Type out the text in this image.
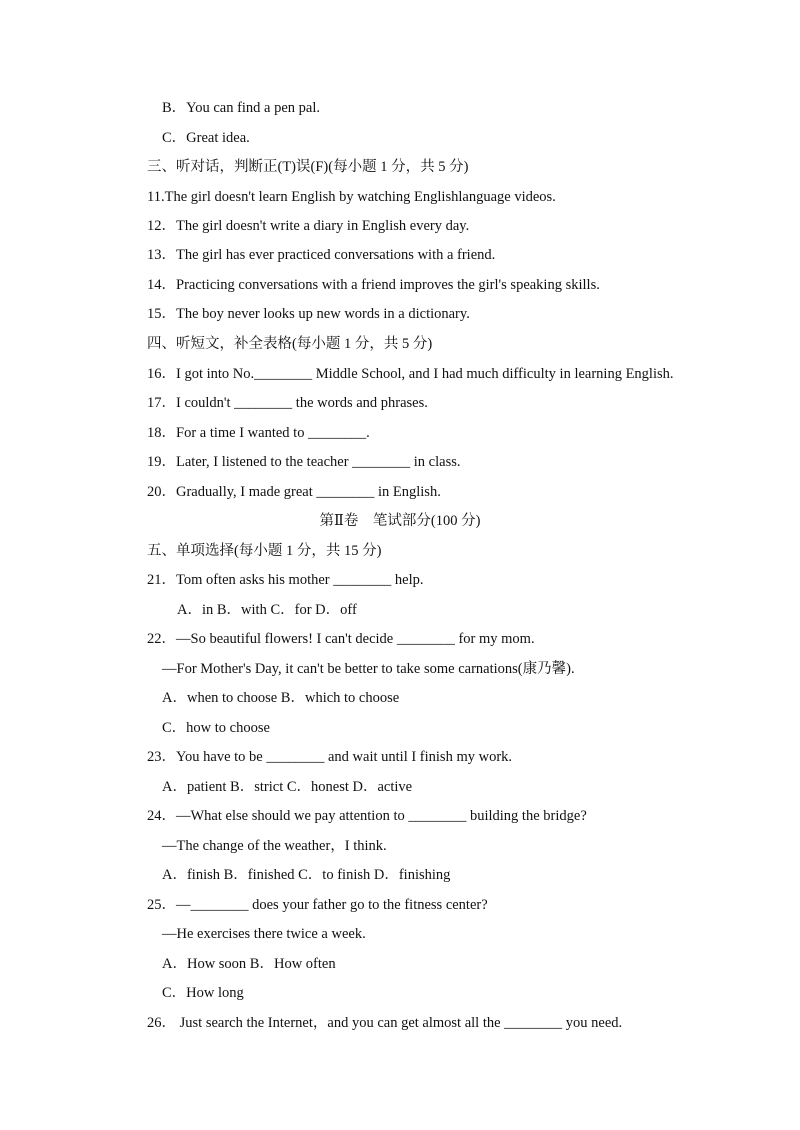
B．You can find a pen pal.
C．Great idea.
三、听对话，判断正(T)误(F)(每小题 1 分，共 5 分)
11.The girl doesn't learn English by watching Englishlanguage videos.
12．The girl doesn't write a diary in English every day.
13．The girl has ever practiced conversations with a friend.
14．Practicing conversations with a friend improves the girl's speaking skills.
15．The boy never looks up new words in a dictionary.
四、听短文，补全表格(每小题 1 分，共 5 分)
16．I got into No.________ Middle School, and I had much difficulty in learning English.
17．I couldn't ________ the words and phrases.
18．For a time I wanted to ________.
19．Later, I listened to the teacher ________ in class.
20．Gradually, I made great ________ in English.
第Ⅱ卷　笔试部分(100 分)
五、单项选择(每小题 1 分，共 15 分)
21．Tom often asks his mother ________ help.
A．in B．with C．for D．off
22．—So beautiful flowers! I can't decide ________ for my mom.
—For Mother's Day, it can't be better to take some carnations(康乃馨).
A．when to choose B．which to choose
C．how to choose
23．You have to be ________ and wait until I finish my work.
A．patient B．strict C．honest D．active
24．—What else should we pay attention to ________ building the bridge?
—The change of the weather，I think.
A．finish B．finished C．to finish D．finishing
25．—________ does your father go to the fitness center?
—He exercises there twice a week.
A．How soon B．How often
C．How long
26． Just search the Internet，and you can get almost all the ________ you need.
